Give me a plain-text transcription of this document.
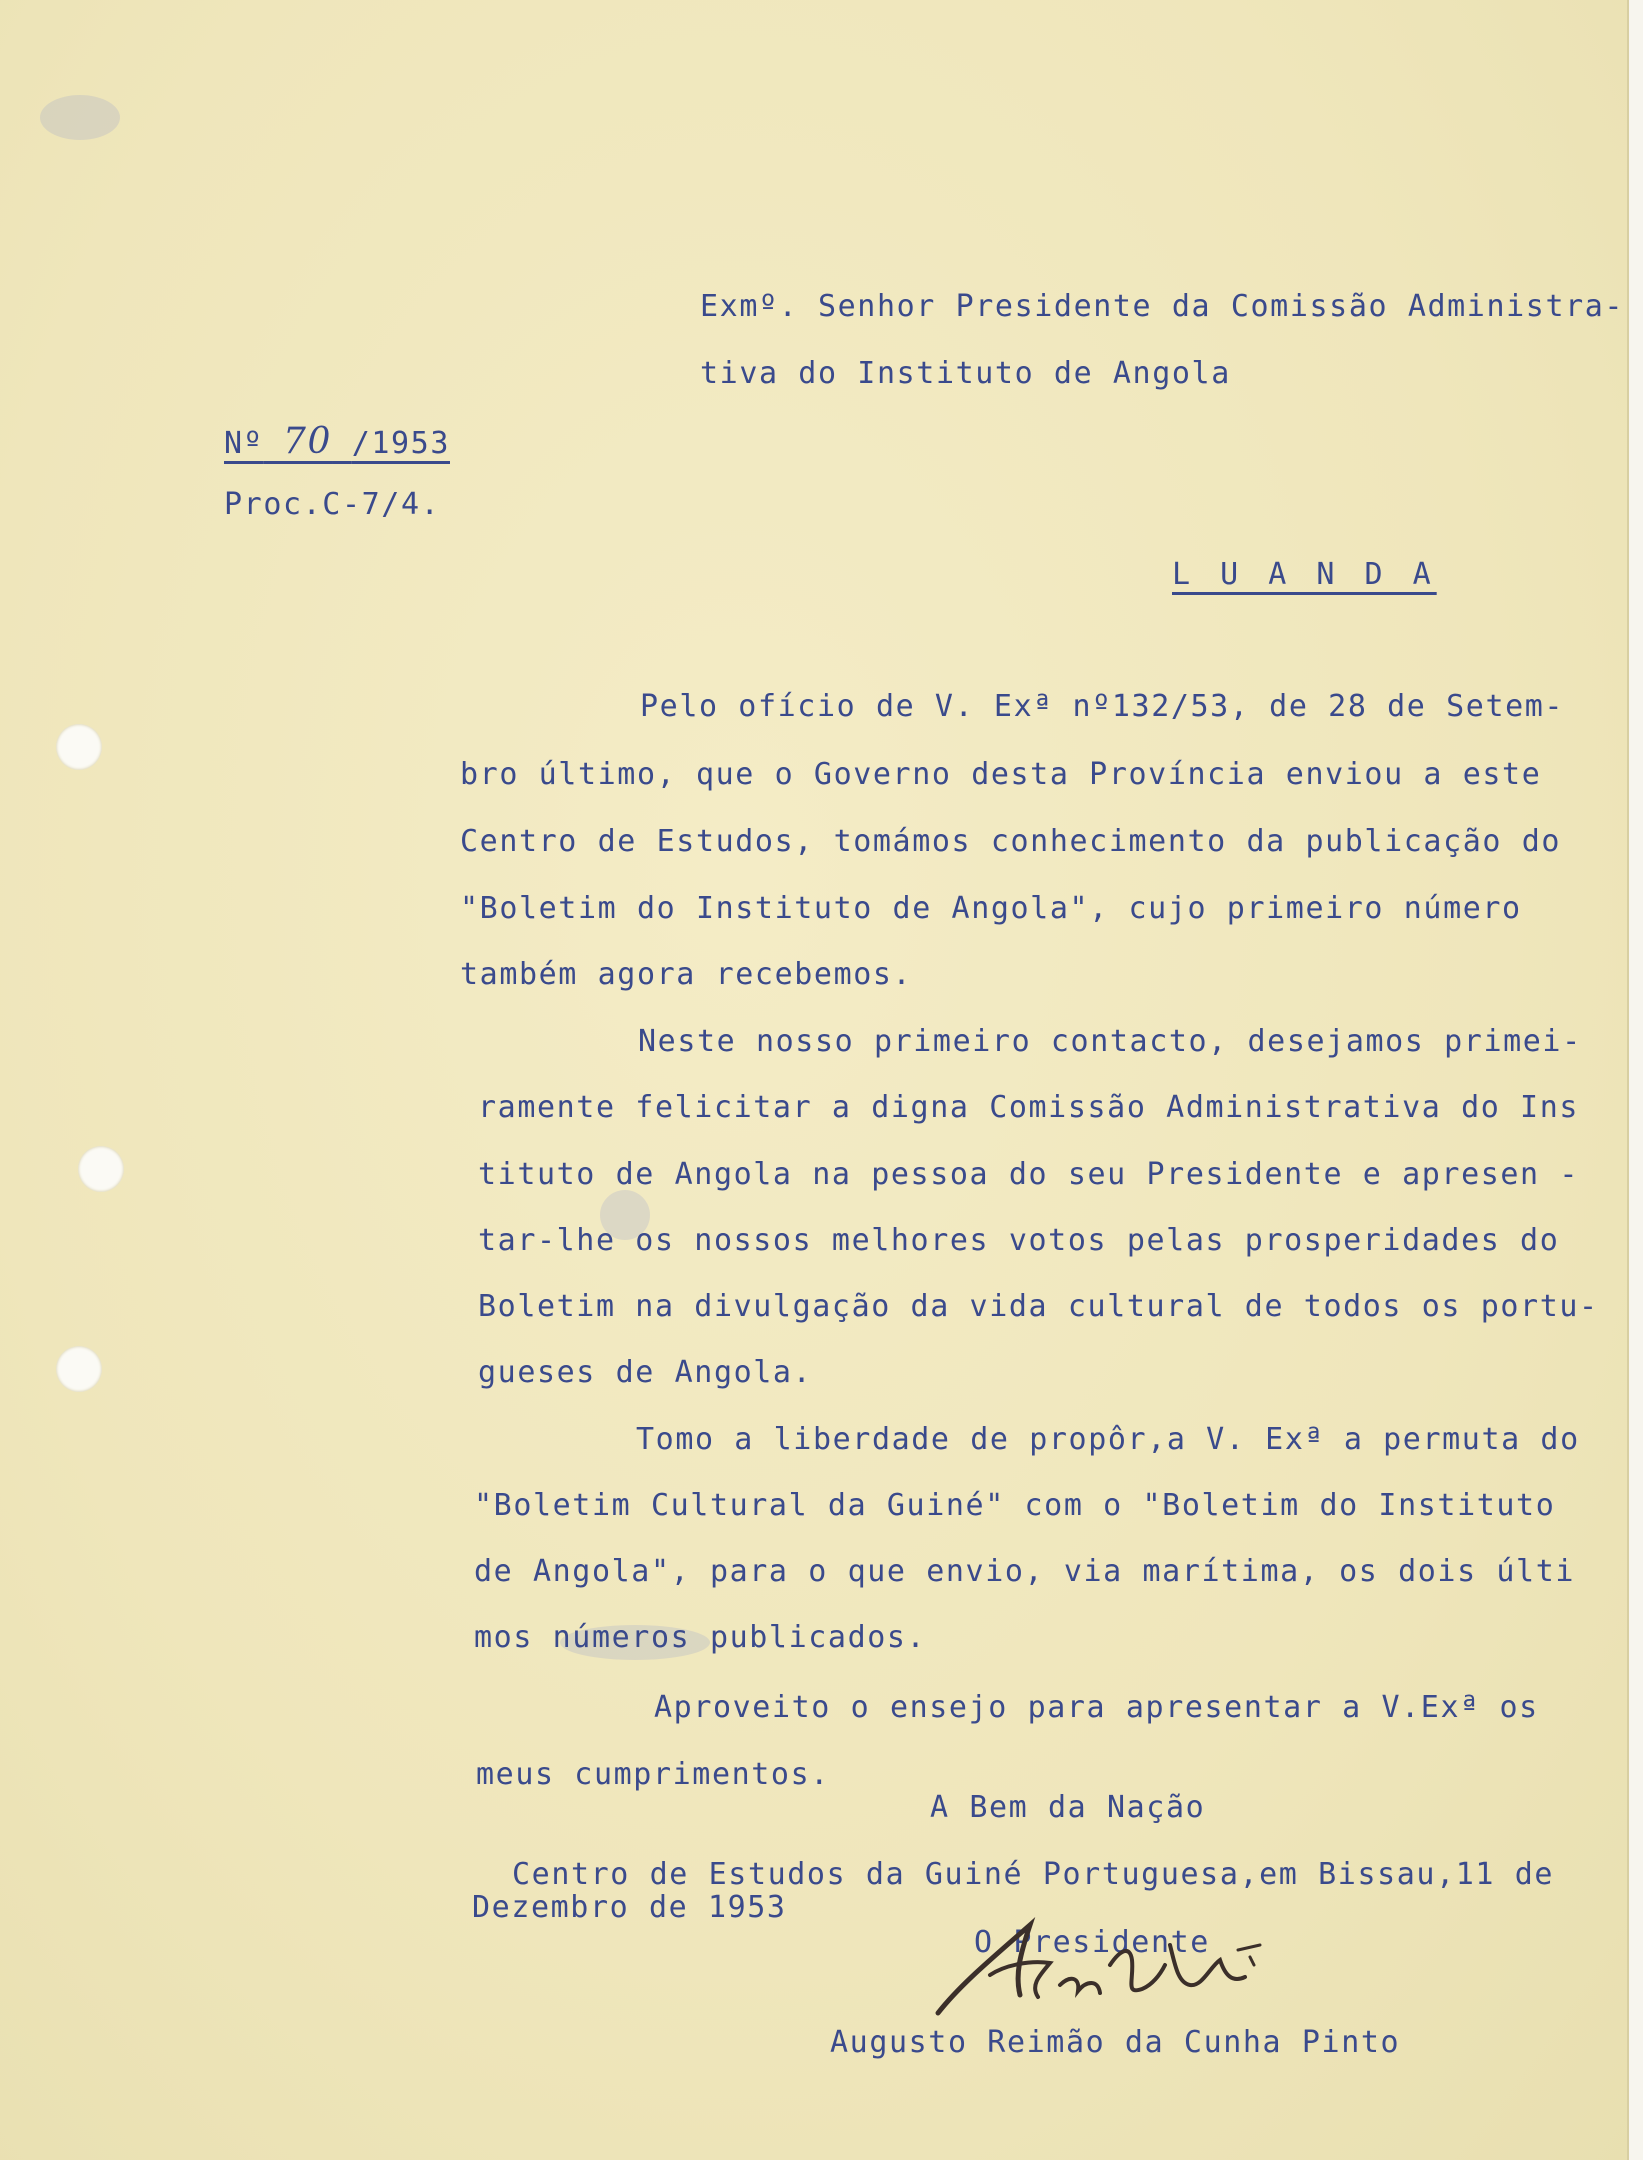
Exmº. Senhor Presidente da Comissão Administra-
tiva do Instituto de Angola
Nº 70 /1953
Proc.C-7/4.
L U A N D A
Pelo ofício de V. Exª nº132/53, de 28 de Setem-
bro último, que o Governo desta Província enviou a este
Centro de Estudos, tomámos conhecimento da publicação do
"Boletim do Instituto de Angola", cujo primeiro número
também agora recebemos.
Neste nosso primeiro contacto, desejamos primei-
ramente felicitar a digna Comissão Administrativa do Ins
tituto de Angola na pessoa do seu Presidente e apresen -
tar-lhe os nossos melhores votos pelas prosperidades do
Boletim na divulgação da vida cultural de todos os portu-
gueses de Angola.
Tomo a liberdade de propôr,a V. Exª a permuta do
"Boletim Cultural da Guiné" com o "Boletim do Instituto
de Angola", para o que envio, via marítima, os dois últi
mos números publicados.
Aproveito o ensejo para apresentar a V.Exª os
meus cumprimentos.
A Bem da Nação
Centro de Estudos da Guiné Portuguesa,em Bissau,11 de
Dezembro de 1953
O Presidente
Augusto Reimão da Cunha Pinto
